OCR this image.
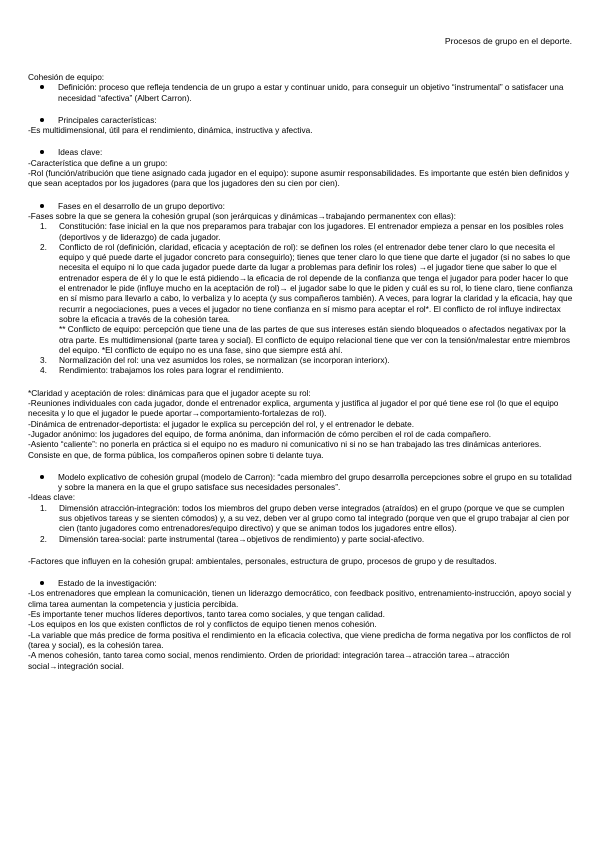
Procesos de grupo en el deporte.

Cohesión de equipo:

Definición: proceso que refleja tendencia de un grupo a estar y continuar unido, para conseguir un objetivo “instrumental” o satisfacer una necesidad “afectiva” (Albert Carron).

Principales características:

-Es multidimensional, útil para el rendimiento, dinámica, instructiva y afectiva.

Ideas clave:

-Característica que define a un grupo:

-Rol (función/atribución que tiene asignado cada jugador en el equipo): supone asumir responsabilidades. Es importante que estén bien definidos y que sean aceptados por los jugadores (para que los jugadores den su cien por cien).

Fases en el desarrollo de un grupo deportivo:

-Fases sobre la que se genera la cohesión grupal (son jerárquicas y dinámicas→trabajando permanentex con ellas):

1. Constitución: fase inicial en la que nos preparamos para trabajar con los jugadores. El entrenador empieza a pensar en los posibles roles (deportivos y de liderazgo) de cada jugador.

2. Conflicto de rol (definición, claridad, eficacia y aceptación de rol): se definen los roles (el entrenador debe tener claro lo que necesita el equipo y qué puede darte el jugador concreto para conseguirlo); tienes que tener claro lo que tiene que darte el jugador (si no sabes lo que necesita el equipo ni lo que cada jugador puede darte da lugar a problemas para definir los roles) →el jugador tiene que saber lo que el entrenador espera de él y lo que le está pidiendo→la eficacia de rol depende de la confianza que tenga el jugador para poder hacer lo que el entrenador le pide (influye mucho en la aceptación de rol)→ el jugador sabe lo que le piden y cuál es su rol, lo tiene claro, tiene confianza en sí mismo para llevarlo a cabo, lo verbaliza y lo acepta (y sus compañeros también). A veces, para lograr la claridad y la eficacia, hay que recurrir a negociaciones, pues a veces el jugador no tiene confianza en sí mismo para aceptar el rol*. El conflicto de rol influye indirectax sobre la eficacia a través de la cohesión tarea.

** Conflicto de equipo: percepción que tiene una de las partes de que sus intereses están siendo bloqueados o afectados negativax por la otra parte. Es multidimensional (parte tarea y social). El conflicto de equipo relacional tiene que ver con la tensión/malestar entre miembros del equipo. *El conflicto de equipo no es una fase, sino que siempre está ahí.

3. Normalización del rol: una vez asumidos los roles, se normalizan (se incorporan interiorx).

4. Rendimiento: trabajamos los roles para lograr el rendimiento.

*Claridad y aceptación de roles: dinámicas para que el jugador acepte su rol:

-Reuniones individuales con cada jugador, donde el entrenador explica, argumenta y justifica al jugador el por qué tiene ese rol (lo que el equipo necesita y lo que el jugador le puede aportar→comportamiento-fortalezas de rol).

-Dinámica de entrenador-deportista: el jugador le explica su percepción del rol, y el entrenador le debate.

-Jugador anónimo: los jugadores del equipo, de forma anónima, dan información de cómo perciben el rol de cada compañero.

-Asiento “caliente”: no ponerla en práctica si el equipo no es maduro ni comunicativo ni si no se han trabajado las tres dinámicas anteriores. Consiste en que, de forma pública, los compañeros opinen sobre ti delante tuya.

Modelo explicativo de cohesión grupal (modelo de Carron): “cada miembro del grupo desarrolla percepciones sobre el grupo en su totalidad y sobre la manera en la que el grupo satisface sus necesidades personales”.

-Ideas clave:

1. Dimensión atracción-integración: todos los miembros del grupo deben verse integrados (atraídos) en el grupo (porque ve que se cumplen sus objetivos tareas y se sienten cómodos) y, a su vez, deben ver al grupo como tal integrado (porque ven que el grupo trabajar al cien por cien (tanto jugadores como entrenadores/equipo directivo) y que se animan todos los jugadores entre ellos).

2. Dimensión tarea-social: parte instrumental (tarea→objetivos de rendimiento) y parte social-afectivo.

-Factores que influyen en la cohesión grupal: ambientales, personales, estructura de grupo, procesos de grupo y de resultados.

Estado de la investigación:

-Los entrenadores que emplean la comunicación, tienen un liderazgo democrático, con feedback positivo, entrenamiento-instrucción, apoyo social y clima tarea aumentan la competencia y justicia percibida.

-Es importante tener muchos líderes deportivos, tanto tarea como sociales, y que tengan calidad.

-Los equipos en los que existen conflictos de rol y conflictos de equipo tienen menos cohesión.

-La variable que más predice de forma positiva el rendimiento en la eficacia colectiva, que viene predicha de forma negativa por los conflictos de rol (tarea y social), es la cohesión tarea.

-A menos cohesión, tanto tarea como social, menos rendimiento. Orden de prioridad: integración tarea→atracción tarea→atracción social→integración social.
